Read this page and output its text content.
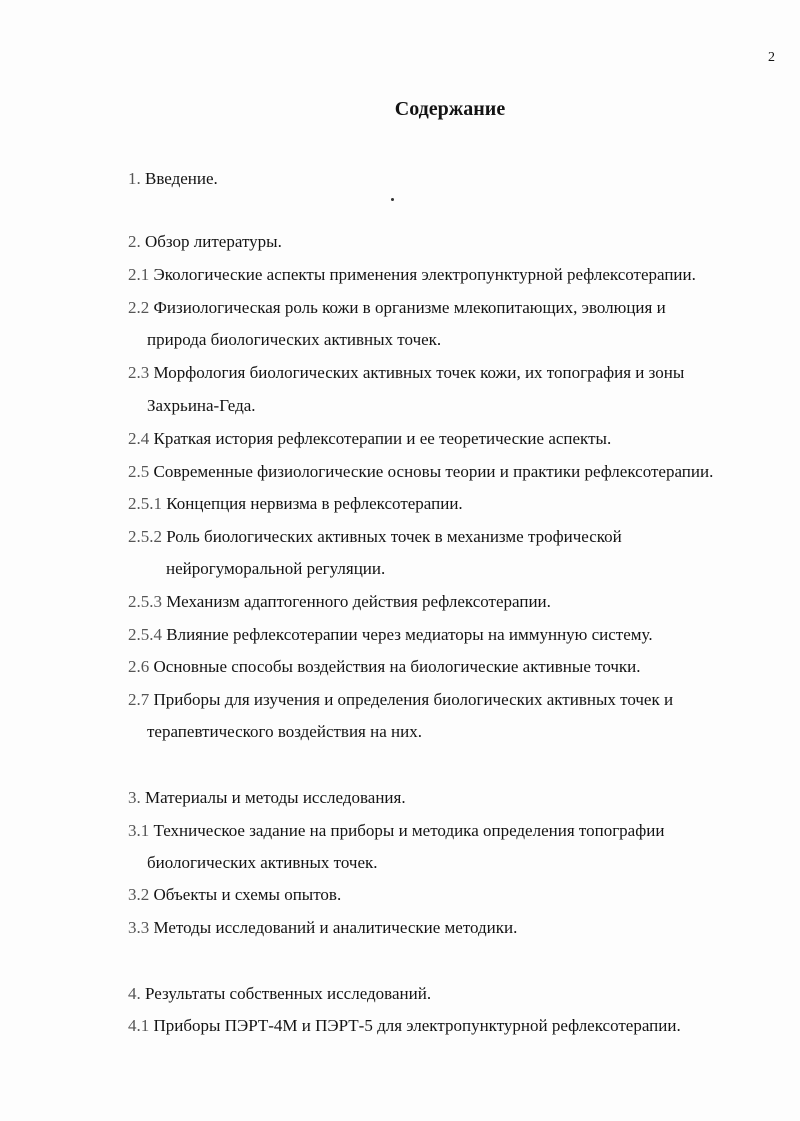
2
Содержание
1. Введение.
2. Обзор литературы.
2.1 Экологические аспекты применения электропунктурной рефлексотерапии.
2.2 Физиологическая роль кожи в организме млекопитающих, эволюция и
природа биологических активных точек.
2.3 Морфология биологических активных точек кожи, их топография и зоны
Захрьина-Геда.
2.4 Краткая история рефлексотерапии и ее теоретические аспекты.
2.5 Современные физиологические основы теории и практики рефлексотерапии.
2.5.1 Концепция нервизма в рефлексотерапии.
2.5.2 Роль биологических активных точек в механизме трофической
нейрогуморальной регуляции.
2.5.3 Механизм адаптогенного действия рефлексотерапии.
2.5.4 Влияние рефлексотерапии через медиаторы на иммунную систему.
2.6 Основные способы воздействия на биологические активные точки.
2.7 Приборы для изучения и определения биологических активных точек и
терапевтического воздействия на них.
3. Материалы и методы исследования.
3.1 Техническое задание на приборы и методика определения топографии
биологических активных точек.
3.2 Объекты и схемы опытов.
3.3 Методы исследований и аналитические методики.
4. Результаты собственных исследований.
4.1 Приборы ПЭРТ-4М и ПЭРТ-5 для электропунктурной рефлексотерапии.
